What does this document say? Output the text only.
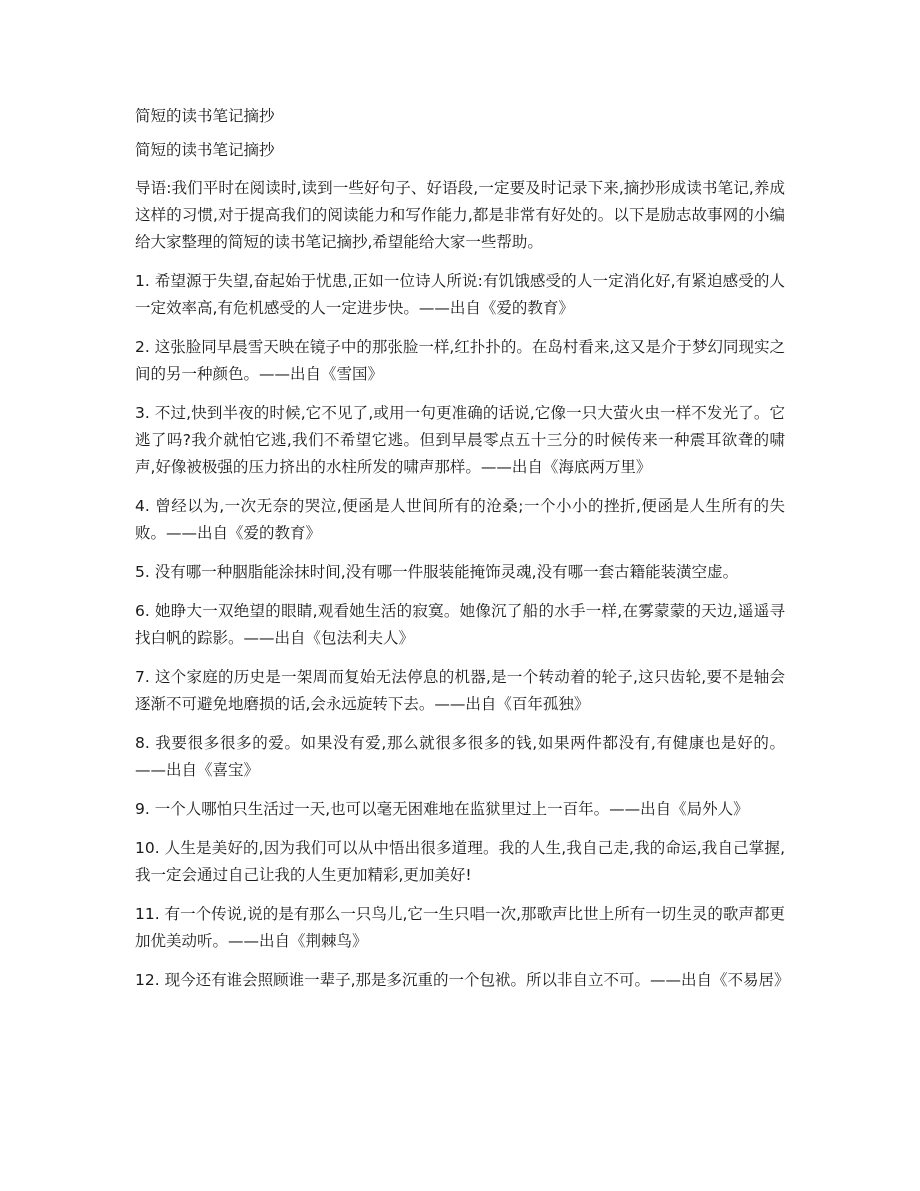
简短的读书笔记摘抄

简短的读书笔记摘抄

导语:我们平时在阅读时,读到一些好句子、好语段,一定要及时记录下来,摘抄形成读书笔记,养成这样的习惯,对于提高我们的阅读能力和写作能力,都是非常有好处的。以下是励志故事网的小编给大家整理的简短的读书笔记摘抄,希望能给大家一些帮助。

1. 希望源于失望,奋起始于忧患,正如一位诗人所说:有饥饿感受的人一定消化好,有紧迫感受的人一定效率高,有危机感受的人一定进步快。——出自《爱的教育》

2. 这张脸同早晨雪天映在镜子中的那张脸一样,红扑扑的。在岛村看来,这又是介于梦幻同现实之间的另一种颜色。——出自《雪国》

3. 不过,快到半夜的时候,它不见了,或用一句更准确的话说,它像一只大萤火虫一样不发光了。它逃了吗?我介就怕它逃,我们不希望它逃。但到早晨零点五十三分的时候传来一种震耳欲聋的啸声,好像被极强的压力挤出的水柱所发的啸声那样。——出自《海底两万里》

4. 曾经以为,一次无奈的哭泣,便函是人世间所有的沧桑;一个小小的挫折,便函是人生所有的失败。——出自《爱的教育》

5. 没有哪一种胭脂能涂抹时间,没有哪一件服装能掩饰灵魂,没有哪一套古籍能装潢空虚。

6. 她睁大一双绝望的眼睛,观看她生活的寂寞。她像沉了船的水手一样,在雾蒙蒙的天边,遥遥寻找白帆的踪影。——出自《包法利夫人》

7. 这个家庭的历史是一架周而复始无法停息的机器,是一个转动着的轮子,这只齿轮,要不是轴会逐渐不可避免地磨损的话,会永远旋转下去。——出自《百年孤独》

8. 我要很多很多的爱。如果没有爱,那么就很多很多的钱,如果两件都没有,有健康也是好的。——出自《喜宝》

9. 一个人哪怕只生活过一天,也可以毫无困难地在监狱里过上一百年。——出自《局外人》

10. 人生是美好的,因为我们可以从中悟出很多道理。我的人生,我自己走,我的命运,我自己掌握,我一定会通过自己让我的人生更加精彩,更加美好!

11. 有一个传说,说的是有那么一只鸟儿,它一生只唱一次,那歌声比世上所有一切生灵的歌声都更加优美动听。——出自《荆棘鸟》

12. 现今还有谁会照顾谁一辈子,那是多沉重的一个包袱。所以非自立不可。——出自《不易居》
